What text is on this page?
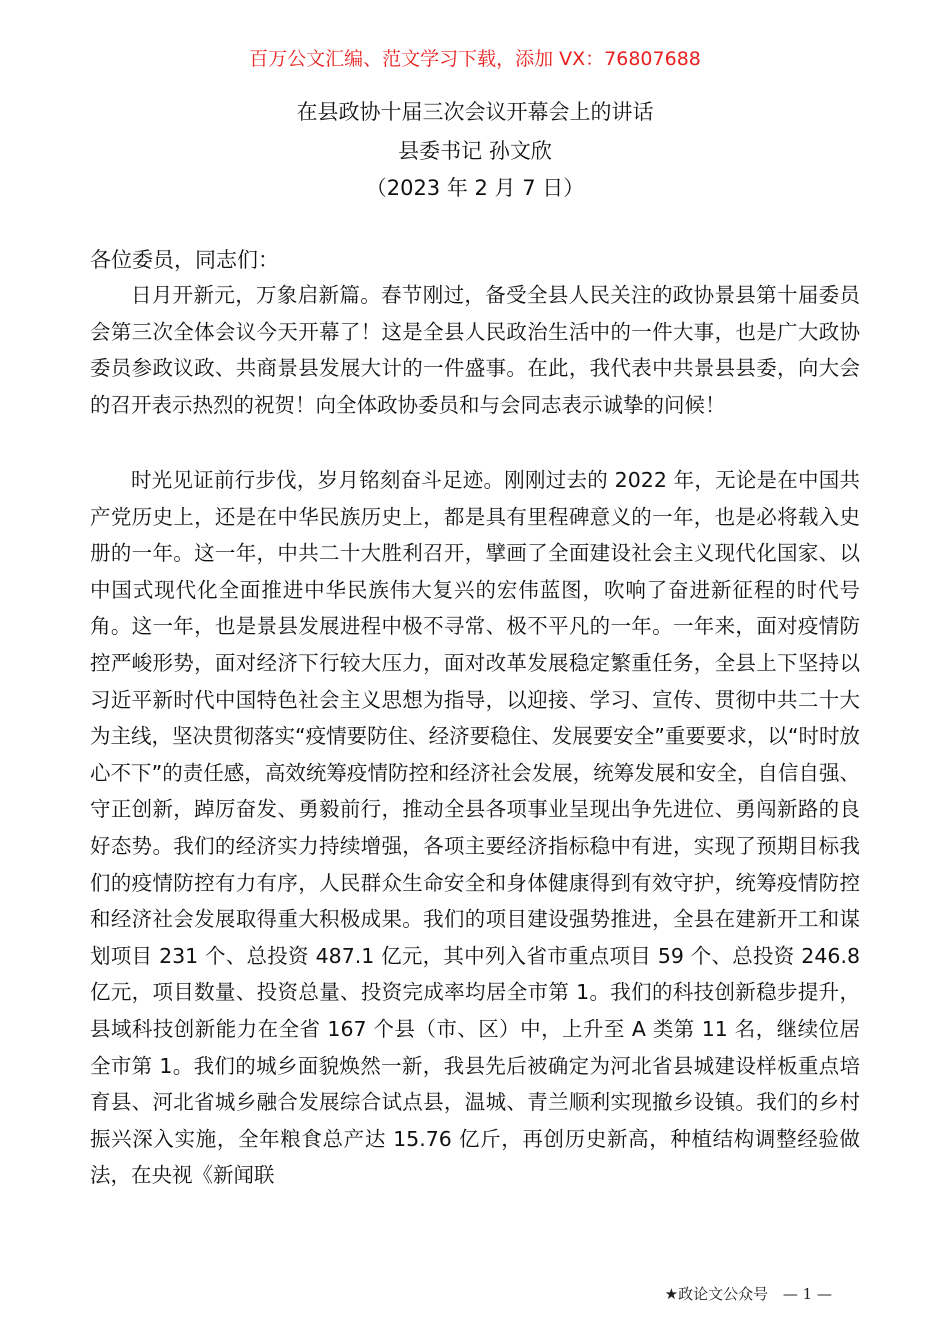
百万公文汇编、范文学习下载，添加 VX：76807688
在县政协十届三次会议开幕会上的讲话
县委书记 孙文欣
（2023 年 2 月 7 日）
各位委员，同志们：

日月开新元，万象启新篇。春节刚过，备受全县人民关注的政协景县第十届委员会第三次全体会议今天开幕了！这是全县人民政治生活中的一件大事，也是广大政协委员参政议政、共商景县发展大计的一件盛事。在此，我代表中共景县县委，向大会的召开表示热烈的祝贺！向全体政协委员和与会同志表示诚挚的问候！

时光见证前行步伐，岁月铭刻奋斗足迹。刚刚过去的 2022 年，无论是在中国共产党历史上，还是在中华民族历史上，都是具有里程碑意义的一年，也是必将载入史册的一年。这一年，中共二十大胜利召开，擘画了全面建设社会主义现代化国家、以中国式现代化全面推进中华民族伟大复兴的宏伟蓝图，吹响了奋进新征程的时代号角。这一年，也是景县发展进程中极不寻常、极不平凡的一年。一年来，面对疫情防控严峻形势，面对经济下行较大压力，面对改革发展稳定繁重任务，全县上下坚持以习近平新时代中国特色社会主义思想为指导，以迎接、学习、宣传、贯彻中共二十大为主线，坚决贯彻落实“疫情要防住、经济要稳住、发展要安全”重要要求，以“时时放心不下”的责任感，高效统筹疫情防控和经济社会发展，统筹发展和安全，自信自强、守正创新，踔厉奋发、勇毅前行，推动全县各项事业呈现出争先进位、勇闯新路的良好态势。我们的经济实力持续增强，各项主要经济指标稳中有进，实现了预期目标我们的疫情防控有力有序，人民群众生命安全和身体健康得到有效守护，统筹疫情防控和经济社会发展取得重大积极成果。我们的项目建设强势推进，全县在建新开工和谋划项目 231 个、总投资 487.1 亿元，其中列入省市重点项目 59 个、总投资 246.8 亿元，项目数量、投资总量、投资完成率均居全市第 1。我们的科技创新稳步提升，县域科技创新能力在全省 167 个县（市、区）中，上升至 A 类第 11 名，继续位居全市第 1。我们的城乡面貌焕然一新，我县先后被确定为河北省县城建设样板重点培育县、河北省城乡融合发展综合试点县，温城、青兰顺利实现撤乡设镇。我们的乡村振兴深入实施，全年粮食总产达 15.76 亿斤，再创历史新高，种植结构调整经验做法，在央视《新闻联

★政论文公众号 — 1 —
